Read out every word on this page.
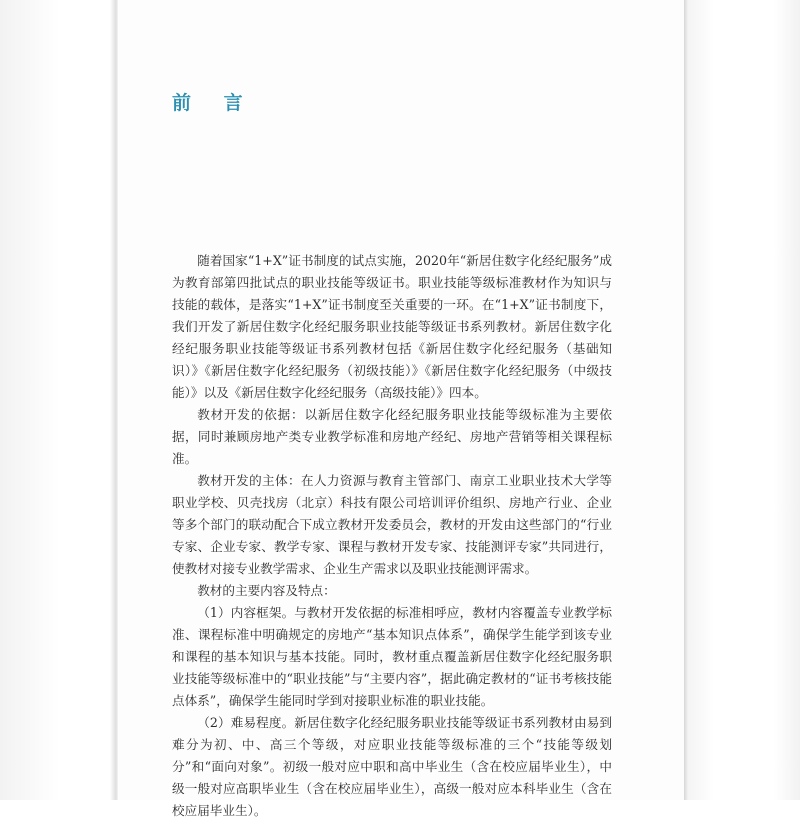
前 言

随着国家“1+X”证书制度的试点实施，2020年“新居住数字化经纪服务”成为教育部第四批试点的职业技能等级证书。职业技能等级标准教材作为知识与技能的载体，是落实“1+X”证书制度至关重要的一环。在“1+X”证书制度下，我们开发了新居住数字化经纪服务职业技能等级证书系列教材。新居住数字化经纪服务职业技能等级证书系列教材包括《新居住数字化经纪服务（基础知识）》《新居住数字化经纪服务（初级技能）》《新居住数字化经纪服务（中级技能）》以及《新居住数字化经纪服务（高级技能）》四本。

教材开发的依据：以新居住数字化经纪服务职业技能等级标准为主要依据，同时兼顾房地产类专业教学标准和房地产经纪、房地产营销等相关课程标准。

教材开发的主体：在人力资源与教育主管部门、南京工业职业技术大学等职业学校、贝壳找房（北京）科技有限公司培训评价组织、房地产行业、企业等多个部门的联动配合下成立教材开发委员会，教材的开发由这些部门的“行业专家、企业专家、教学专家、课程与教材开发专家、技能测评专家”共同进行，使教材对接专业教学需求、企业生产需求以及职业技能测评需求。

教材的主要内容及特点：

（1）内容框架。与教材开发依据的标准相呼应，教材内容覆盖专业教学标准、课程标准中明确规定的房地产“基本知识点体系”，确保学生能学到该专业和课程的基本知识与基本技能。同时，教材重点覆盖新居住数字化经纪服务职业技能等级标准中的“职业技能”与“主要内容”，据此确定教材的“证书考核技能点体系”，确保学生能同时学到对接职业标准的职业技能。

（2）难易程度。新居住数字化经纪服务职业技能等级证书系列教材由易到难分为初、中、高三个等级，对应职业技能等级标准的三个“技能等级划分”和“面向对象”。初级一般对应中职和高中毕业生（含在校应届毕业生），中级一般对应高职毕业生（含在校应届毕业生），高级一般对应本科毕业生（含在校应届毕业生）。
